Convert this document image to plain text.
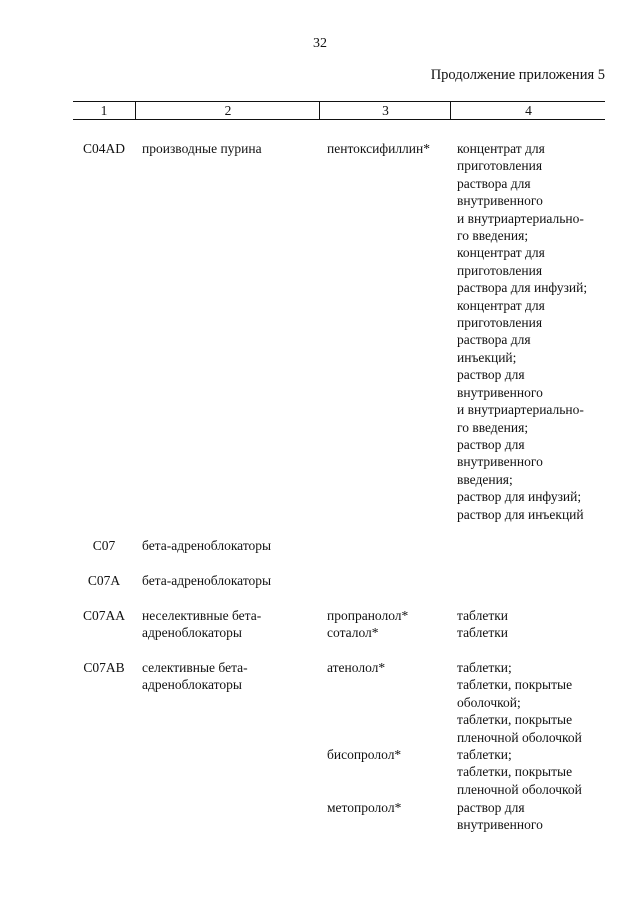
32
Продолжение приложения 5
1	2	3	4
C04AD	производные пурина	пентоксифиллин*	концентрат для
приготовления
раствора для
внутривенного
и внутриартериально-
го введения;
концентрат для
приготовления
раствора для инфузий;
концентрат для
приготовления
раствора для
инъекций;
раствор для
внутривенного
и внутриартериально-
го введения;
раствор для
внутривенного
введения;
раствор для инфузий;
раствор для инъекций
C07	бета-адреноблокаторы
C07A	бета-адреноблокаторы
C07AA	неселективные бета-
адреноблокаторы
пропранолол*	таблетки
соталол*	таблетки
C07AB	селективные бета-
адреноблокаторы
атенолол*	таблетки;
таблетки, покрытые
оболочкой;
таблетки, покрытые
пленочной оболочкой
бисопролол*	таблетки;
таблетки, покрытые
пленочной оболочкой
метопролол*	раствор для
внутривенного
